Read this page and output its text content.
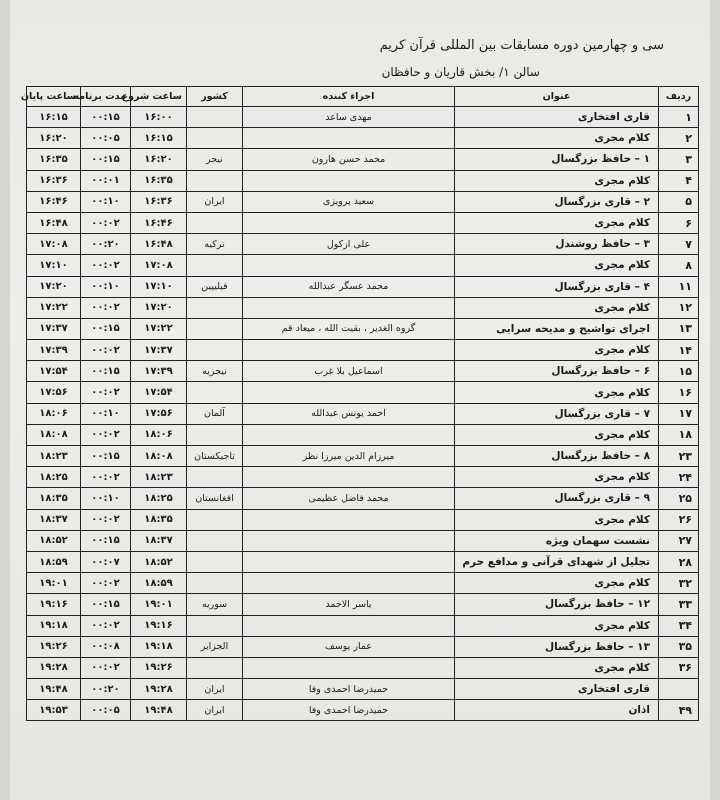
سی و چهارمین دوره مسابقات بین المللی قرآن کریم
سالن ۱/ بخش قاریان و حافظان
ردیف	عنوان	اجراء کننده	کشور	ساعت شروع	مدت برنامه	ساعت پایان
۱	قاری افتخاری	مهدی ساعد		۱۶:۰۰	۰۰:۱۵	۱۶:۱۵
۲	کلام مجری			۱۶:۱۵	۰۰:۰۵	۱۶:۲۰
۳	۱ – حافظ بزرگسال	محمد حسن هارون	نیجر	۱۶:۲۰	۰۰:۱۵	۱۶:۳۵
۴	کلام مجری			۱۶:۳۵	۰۰:۰۱	۱۶:۳۶
۵	۲ – قاری بزرگسال	سعید پرویزی	ایران	۱۶:۳۶	۰۰:۱۰	۱۶:۴۶
۶	کلام مجری			۱۶:۴۶	۰۰:۰۲	۱۶:۴۸
۷	۳ – حافظ روشندل	علی ازکول	ترکیه	۱۶:۴۸	۰۰:۲۰	۱۷:۰۸
۸	کلام مجری			۱۷:۰۸	۰۰:۰۲	۱۷:۱۰
۱۱	۴ – قاری بزرگسال	محمد عسگر عبدالله	فیلیپین	۱۷:۱۰	۰۰:۱۰	۱۷:۲۰
۱۲	کلام مجری			۱۷:۲۰	۰۰:۰۲	۱۷:۲۲
۱۳	اجرای تواشیح و مدیحه سرایی	گروه الغدیر ، بقیت الله ، میعاد قم		۱۷:۲۲	۰۰:۱۵	۱۷:۳۷
۱۴	کلام مجری			۱۷:۳۷	۰۰:۰۲	۱۷:۳۹
۱۵	۶ – حافظ بزرگسال	اسماعیل بلا غرب	نیجریه	۱۷:۳۹	۰۰:۱۵	۱۷:۵۴
۱۶	کلام مجری			۱۷:۵۴	۰۰:۰۲	۱۷:۵۶
۱۷	۷ – قاری بزرگسال	احمد یونس عبدالله	آلمان	۱۷:۵۶	۰۰:۱۰	۱۸:۰۶
۱۸	کلام مجری			۱۸:۰۶	۰۰:۰۲	۱۸:۰۸
۲۳	۸ – حافظ بزرگسال	میرزام الدین میرزا نظر	تاجیکستان	۱۸:۰۸	۰۰:۱۵	۱۸:۲۳
۲۴	کلام مجری			۱۸:۲۳	۰۰:۰۲	۱۸:۲۵
۲۵	۹ – قاری بزرگسال	محمد فاضل عظیمی	افغانستان	۱۸:۲۵	۰۰:۱۰	۱۸:۳۵
۲۶	کلام مجری			۱۸:۳۵	۰۰:۰۲	۱۸:۳۷
۲۷	نشست سهمان ویژه			۱۸:۳۷	۰۰:۱۵	۱۸:۵۲
۲۸	تجلیل از شهدای قرآنی و مدافع حرم			۱۸:۵۲	۰۰:۰۷	۱۸:۵۹
۳۲	کلام مجری			۱۸:۵۹	۰۰:۰۲	۱۹:۰۱
۳۳	۱۲ – حافظ بزرگسال	یاسر الاحمد	سوریه	۱۹:۰۱	۰۰:۱۵	۱۹:۱۶
۳۴	کلام مجری			۱۹:۱۶	۰۰:۰۲	۱۹:۱۸
۳۵	۱۳ – حافظ بزرگسال	عمار یوسف	الجزایر	۱۹:۱۸	۰۰:۰۸	۱۹:۲۶
۳۶	کلام مجری			۱۹:۲۶	۰۰:۰۲	۱۹:۲۸
	قاری افتخاری	حمیدرضا احمدی وفا	ایران	۱۹:۲۸	۰۰:۲۰	۱۹:۴۸
۴۹	اذان	حمیدرضا احمدی وفا	ایران	۱۹:۴۸	۰۰:۰۵	۱۹:۵۳
